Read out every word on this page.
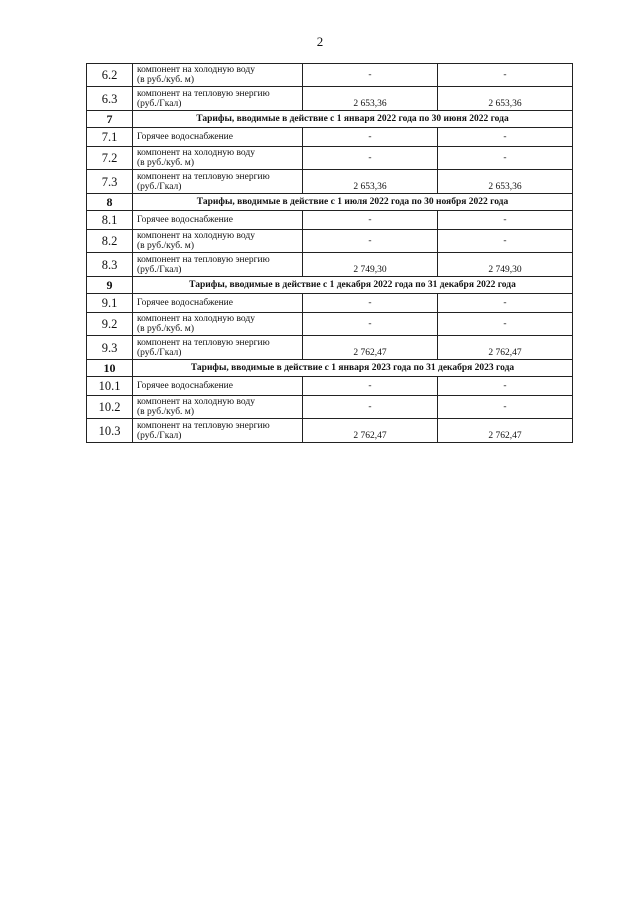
2
6.2	компонент на холодную воду
(в руб./куб. м)	-	-
6.3	компонент на тепловую энергию
(руб./Гкал)	2 653,36	2 653,36
7	Тарифы, вводимые в действие с 1 января 2022 года по 30 июня 2022 года		
7.1	Горячее водоснабжение	-	-
7.2	компонент на холодную воду
(в руб./куб. м)	-	-
7.3	компонент на тепловую энергию
(руб./Гкал)	2 653,36	2 653,36
8	Тарифы, вводимые в действие с 1 июля 2022 года по 30 ноября 2022 года		
8.1	Горячее водоснабжение	-	-
8.2	компонент на холодную воду
(в руб./куб. м)	-	-
8.3	компонент на тепловую энергию
(руб./Гкал)	2 749,30	2 749,30
9	Тарифы, вводимые в действие с 1 декабря 2022 года по 31 декабря 2022 года		
9.1	Горячее водоснабжение	-	-
9.2	компонент на холодную воду
(в руб./куб. м)	-	-
9.3	компонент на тепловую энергию
(руб./Гкал)	2 762,47	2 762,47
10	Тарифы, вводимые в действие с 1 января 2023 года по 31 декабря 2023 года		
10.1	Горячее водоснабжение	-	-
10.2	компонент на холодную воду
(в руб./куб. м)	-	-
10.3	компонент на тепловую энергию
(руб./Гкал)	2 762,47	2 762,47
